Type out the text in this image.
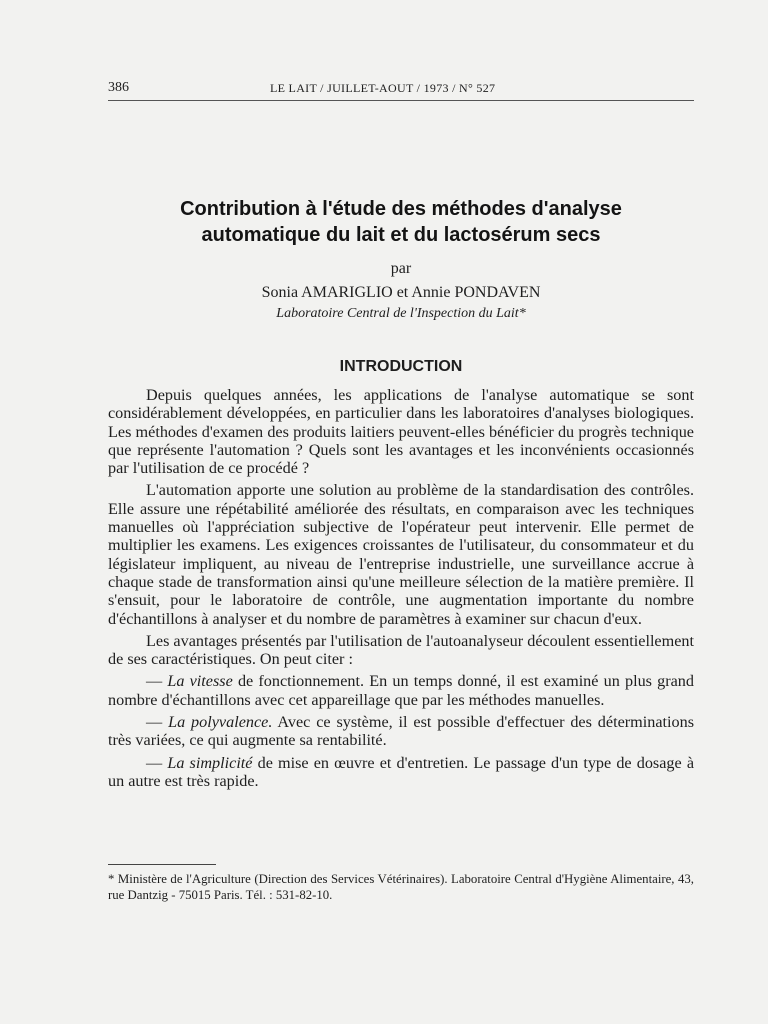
386	LE LAIT / JUILLET-AOUT / 1973 / N° 527
Contribution à l'étude des méthodes d'analyse
automatique du lait et du lactosérum secs
par
Sonia AMARIGLIO et Annie PONDAVEN
Laboratoire Central de l'Inspection du Lait*
INTRODUCTION

Depuis quelques années, les applications de l'analyse automatique se sont considérablement développées, en particulier dans les laboratoires d'analyses biologiques. Les méthodes d'examen des produits laitiers peuvent-elles bénéficier du progrès technique que représente l'automation ? Quels sont les avantages et les inconvénients occasionnés par l'utilisation de ce procédé ?

L'automation apporte une solution au problème de la standardisation des contrôles. Elle assure une répétabilité améliorée des résultats, en comparaison avec les techniques manuelles où l'appréciation subjective de l'opérateur peut intervenir. Elle permet de multiplier les examens. Les exigences croissantes de l'utilisateur, du consommateur et du législateur impliquent, au niveau de l'entreprise industrielle, une surveillance accrue à chaque stade de transformation ainsi qu'une meilleure sélection de la matière première. Il s'ensuit, pour le laboratoire de contrôle, une augmentation importante du nombre d'échantillons à analyser et du nombre de paramètres à examiner sur chacun d'eux.

Les avantages présentés par l'utilisation de l'autoanalyseur découlent essentiellement de ses caractéristiques. On peut citer :

— La vitesse de fonctionnement. En un temps donné, il est examiné un plus grand nombre d'échantillons avec cet appareillage que par les méthodes manuelles.

— La polyvalence. Avec ce système, il est possible d'effectuer des déterminations très variées, ce qui augmente sa rentabilité.

— La simplicité de mise en œuvre et d'entretien. Le passage d'un type de dosage à un autre est très rapide.

* Ministère de l'Agriculture (Direction des Services Vétérinaires). Laboratoire Central d'Hygiène Alimentaire, 43, rue Dantzig - 75015 Paris. Tél. : 531-82-10.
